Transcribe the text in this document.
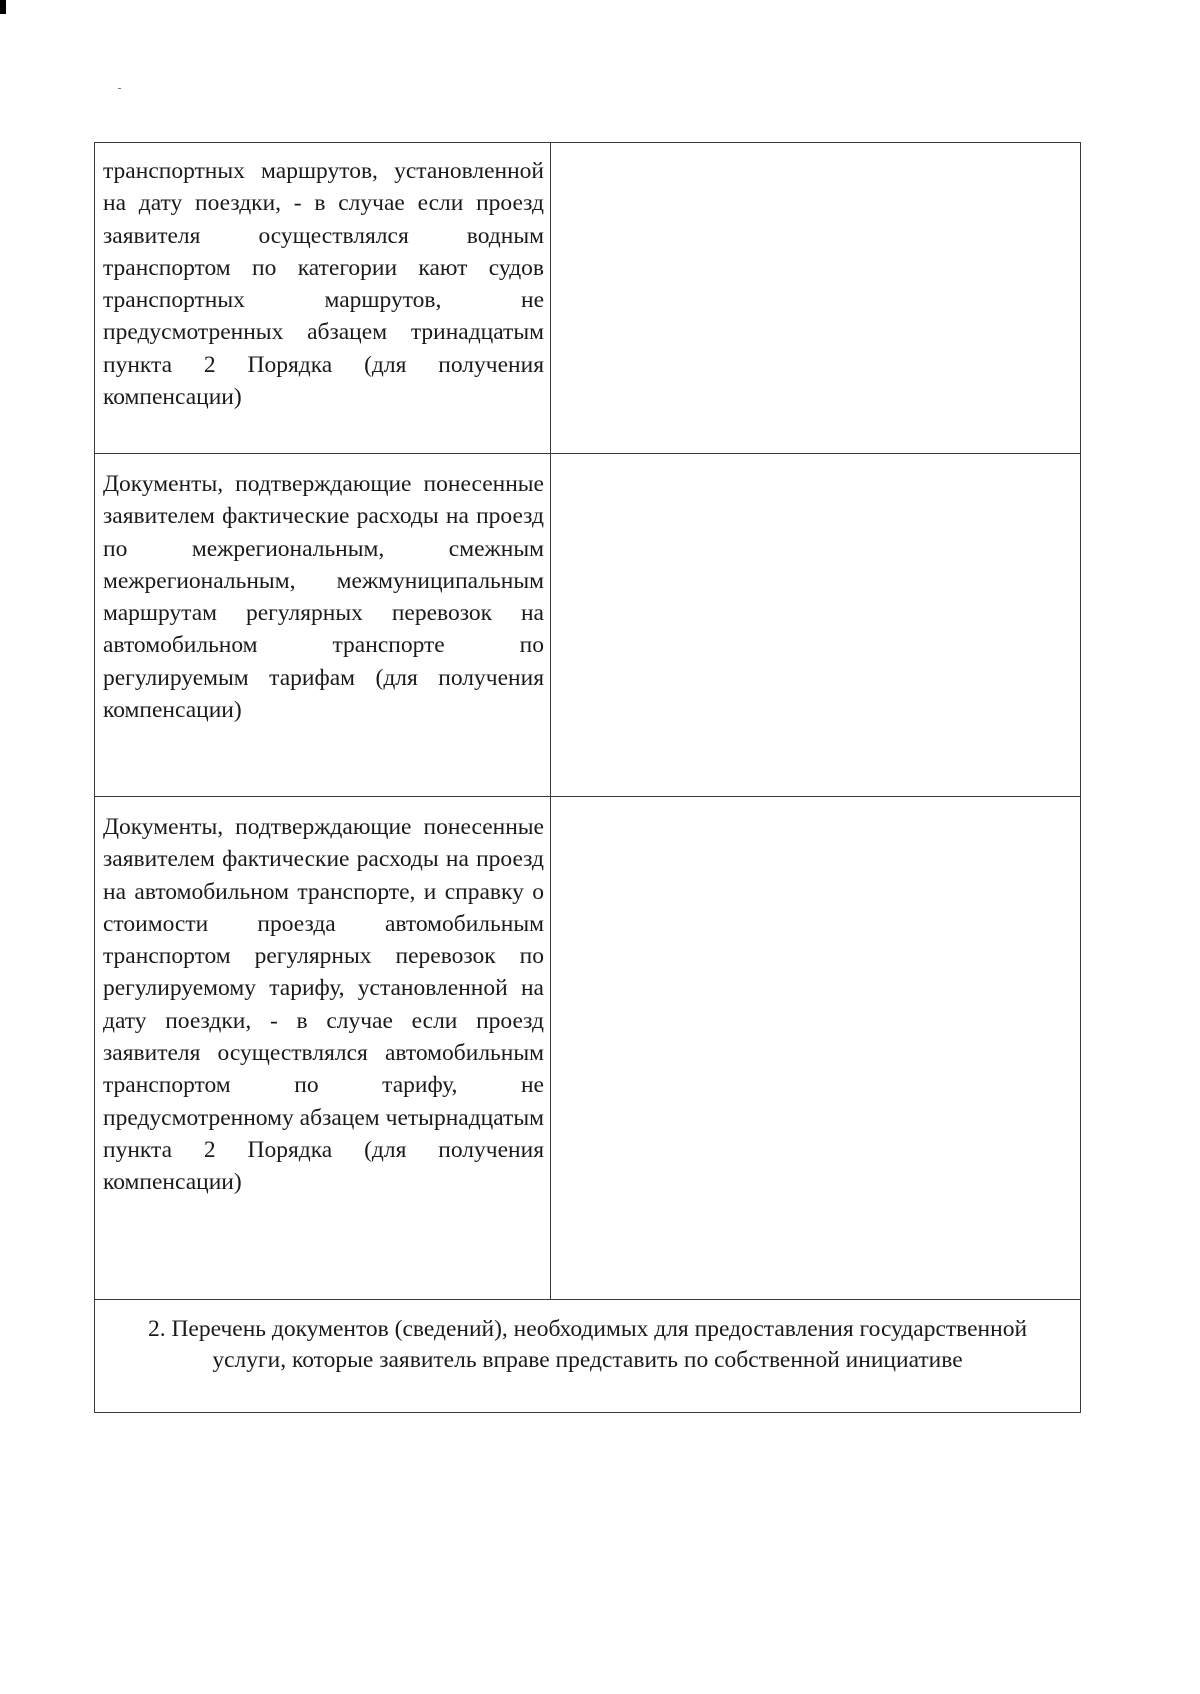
транспортных маршрутов, установленной на дату поездки, - в случае если проезд заявителя осуществлялся водным транспортом по категории кают судов транспортных маршрутов, не предусмотренных абзацем тринадцатым пункта 2 Порядка (для получения компенсации)	

Документы, подтверждающие понесенные заявителем фактические расходы на проезд по межрегиональным, смежным межрегиональным, межмуниципальным маршрутам регулярных перевозок на автомобильном транспорте по регулируемым тарифам (для получения компенсации)	

Документы, подтверждающие понесенные заявителем фактические расходы на проезд на автомобильном транспорте, и справку о стоимости проезда автомобильным транспортом регулярных перевозок по регулируемому тарифу, установленной на дату поездки, - в случае если проезд заявителя осуществлялся автомобильным транспортом по тарифу, не предусмотренному абзацем четырнадцатым пункта 2 Порядка (для получения компенсации)	

2. Перечень документов (сведений), необходимых для предоставления государственной услуги, которые заявитель вправе представить по собственной инициативе	
